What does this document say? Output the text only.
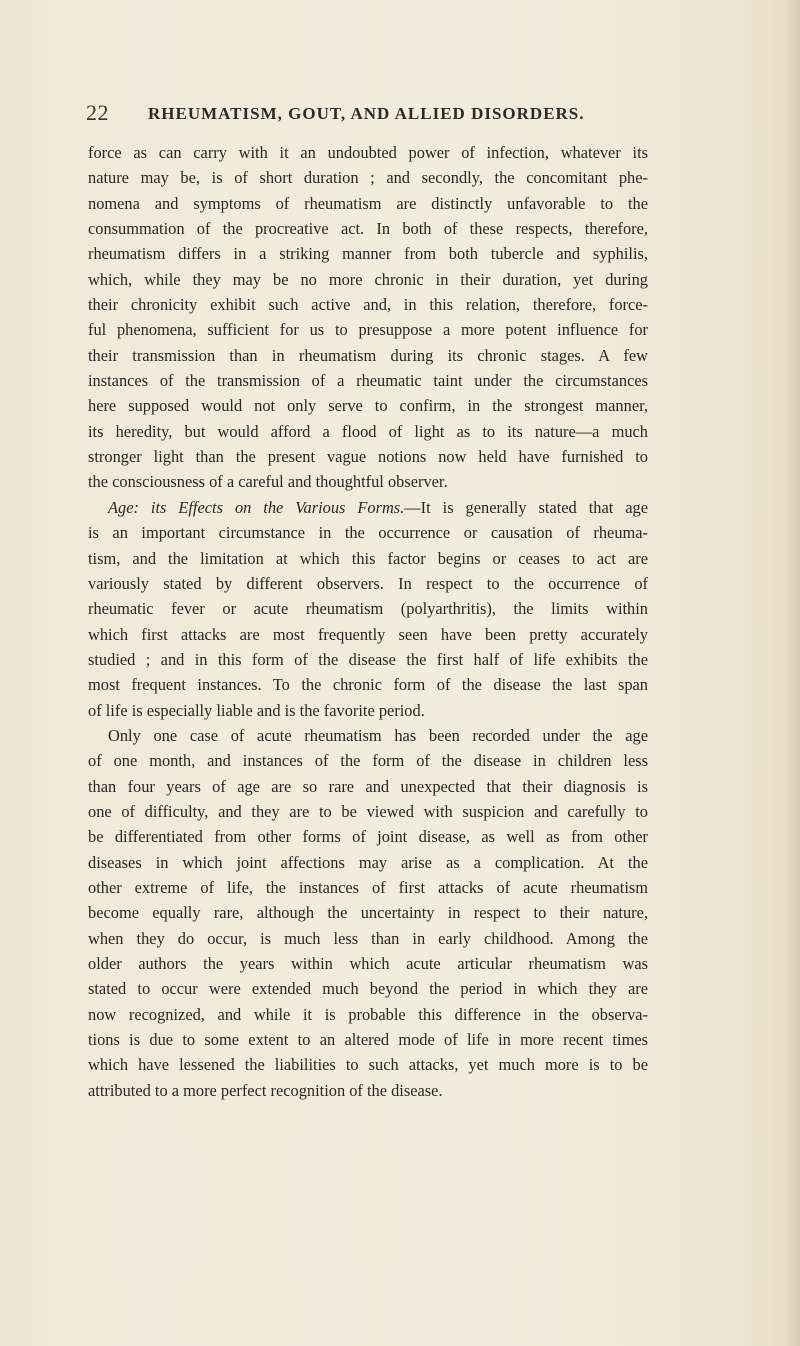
22 RHEUMATISM, GOUT, AND ALLIED DISORDERS.
force as can carry with it an undoubted power of infection, whatever its
nature may be, is of short duration ; and secondly, the concomitant phe-
nomena and symptoms of rheumatism are distinctly unfavorable to the
consummation of the procreative act. In both of these respects, therefore,
rheumatism differs in a striking manner from both tubercle and syphilis,
which, while they may be no more chronic in their duration, yet during
their chronicity exhibit such active and, in this relation, therefore, force-
ful phenomena, sufficient for us to presuppose a more potent influence for
their transmission than in rheumatism during its chronic stages. A few
instances of the transmission of a rheumatic taint under the circumstances
here supposed would not only serve to confirm, in the strongest manner,
its heredity, but would afford a flood of light as to its nature—a much
stronger light than the present vague notions now held have furnished to
the consciousness of a careful and thoughtful observer.
Age: its Effects on the Various Forms.—It is generally stated that age
is an important circumstance in the occurrence or causation of rheuma-
tism, and the limitation at which this factor begins or ceases to act are
variously stated by different observers. In respect to the occurrence of
rheumatic fever or acute rheumatism (polyarthritis), the limits within
which first attacks are most frequently seen have been pretty accurately
studied ; and in this form of the disease the first half of life exhibits the
most frequent instances. To the chronic form of the disease the last span
of life is especially liable and is the favorite period.
Only one case of acute rheumatism has been recorded under the age
of one month, and instances of the form of the disease in children less
than four years of age are so rare and unexpected that their diagnosis is
one of difficulty, and they are to be viewed with suspicion and carefully to
be differentiated from other forms of joint disease, as well as from other
diseases in which joint affections may arise as a complication. At the
other extreme of life, the instances of first attacks of acute rheumatism
become equally rare, although the uncertainty in respect to their nature,
when they do occur, is much less than in early childhood. Among the
older authors the years within which acute articular rheumatism was
stated to occur were extended much beyond the period in which they are
now recognized, and while it is probable this difference in the observa-
tions is due to some extent to an altered mode of life in more recent times
which have lessened the liabilities to such attacks, yet much more is to be
attributed to a more perfect recognition of the disease.
